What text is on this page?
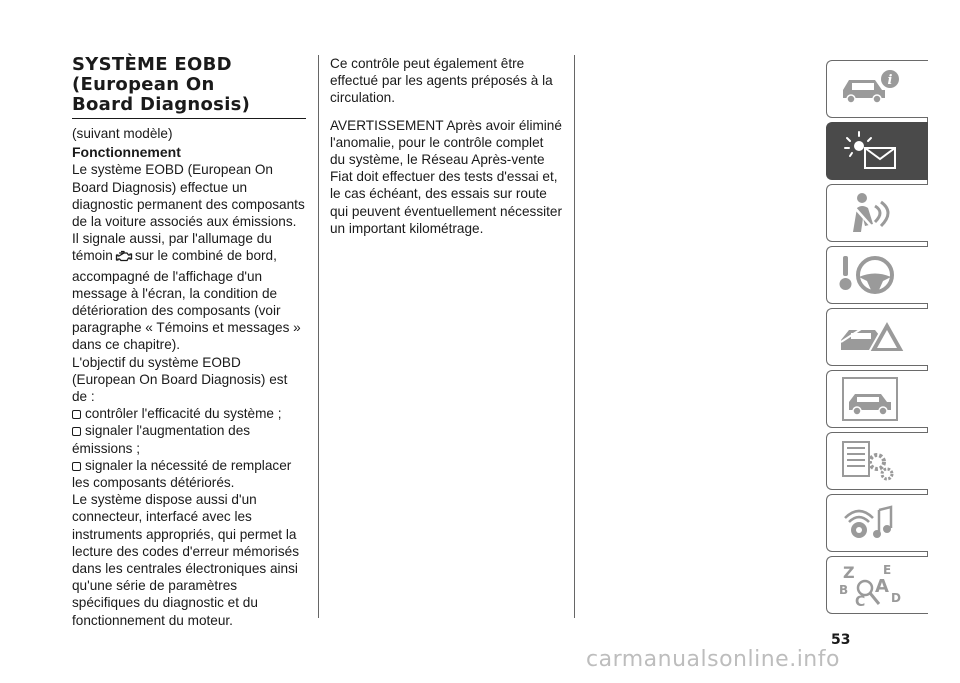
SYSTÈME EOBD
(European On
Board Diagnosis)

(suivant modèle)

Fonctionnement

Le système EOBD (European On Board Diagnosis) effectue un diagnostic permanent des composants de la voiture associés aux émissions.

Il signale aussi, par l'allumage du témoin sur le combiné de bord, accompagné de l'affichage d'un message à l'écran, la condition de détérioration des composants (voir paragraphe « Témoins et messages » dans ce chapitre).

L'objectif du système EOBD (European On Board Diagnosis) est de :

contrôler l'efficacité du système ;

signaler l'augmentation des émissions ;

signaler la nécessité de remplacer les composants détériorés.

Le système dispose aussi d'un connecteur, interfacé avec les instruments appropriés, qui permet la lecture des codes d'erreur mémorisés dans les centrales électroniques ainsi qu'une série de paramètres spécifiques du diagnostic et du fonctionnement du moteur.

Ce contrôle peut également être effectué par les agents préposés à la circulation.

AVERTISSEMENT Après avoir éliminé l'anomalie, pour le contrôle complet du système, le Réseau Après-vente Fiat doit effectuer des tests d'essai et, le cas échéant, des essais sur route qui peuvent éventuellement nécessiter un important kilométrage.

i
Z E
A
B
C D
53
carmanualsonline.info
